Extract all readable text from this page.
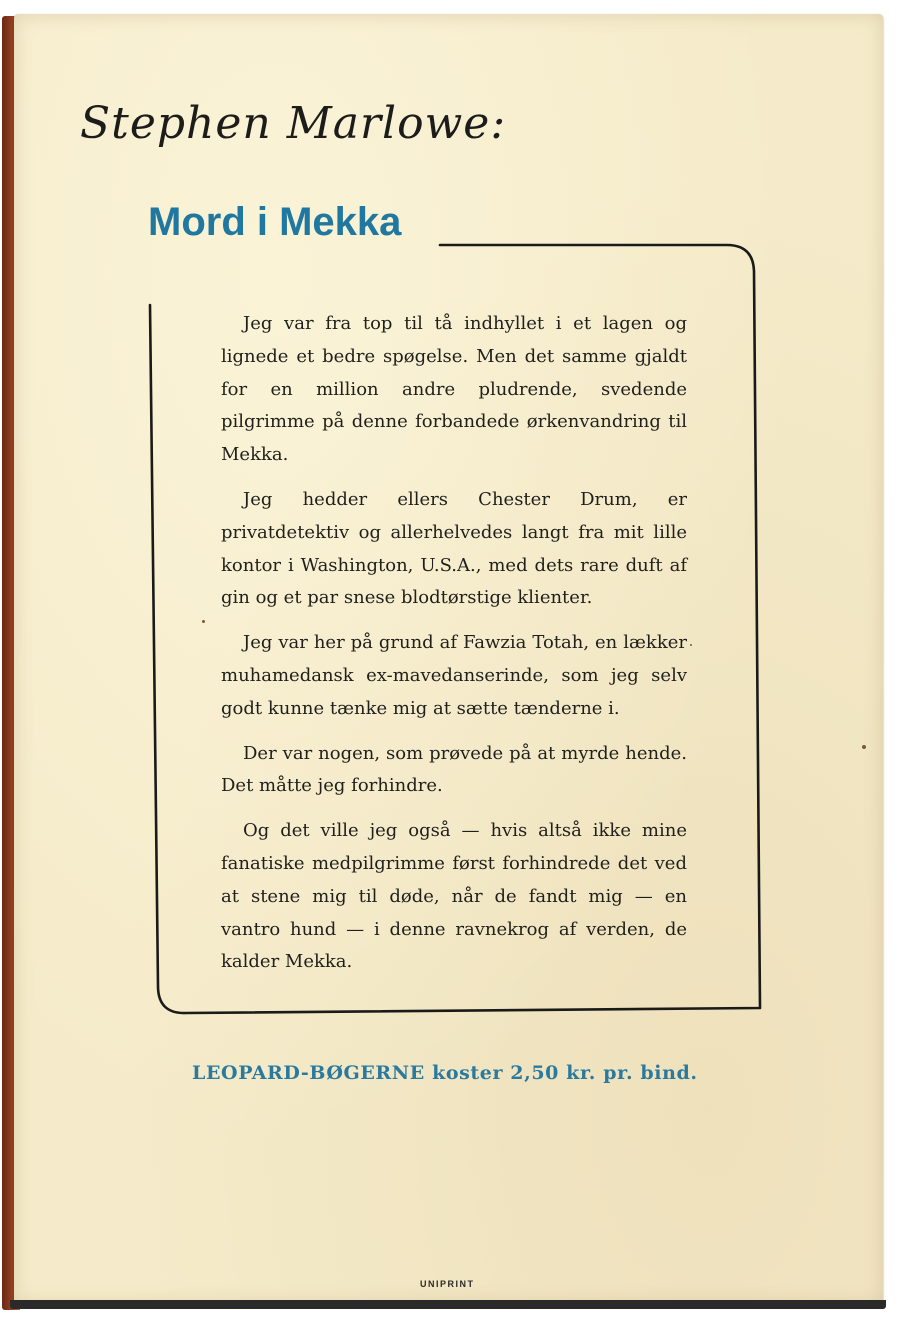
Stephen Marlowe:
Mord i Mekka

Jeg var fra top til tå indhyllet i et lagen og lignede et bedre spøgelse. Men det samme gjaldt for en million andre pludrende, svedende pilgrimme på denne forbandede ørkenvandring til Mekka.

Jeg hedder ellers Chester Drum, er privatdetektiv og allerhelvedes langt fra mit lille kontor i Washington, U.S.A., med dets rare duft af gin og et par snese blodtørstige klienter.

Jeg var her på grund af Fawzia Totah, en lækker muhamedansk ex-mavedanserinde, som jeg selv godt kunne tænke mig at sætte tænderne i.

Der var nogen, som prøvede på at myrde hende. Det måtte jeg forhindre.

Og det ville jeg også — hvis altså ikke mine fanatiske medpilgrimme først forhindrede det ved at stene mig til døde, når de fandt mig — en vantro hund — i denne ravnekrog af verden, de kalder Mekka.

LEOPARD-BØGERNE koster 2,50 kr. pr. bind.

UNIPRINT
